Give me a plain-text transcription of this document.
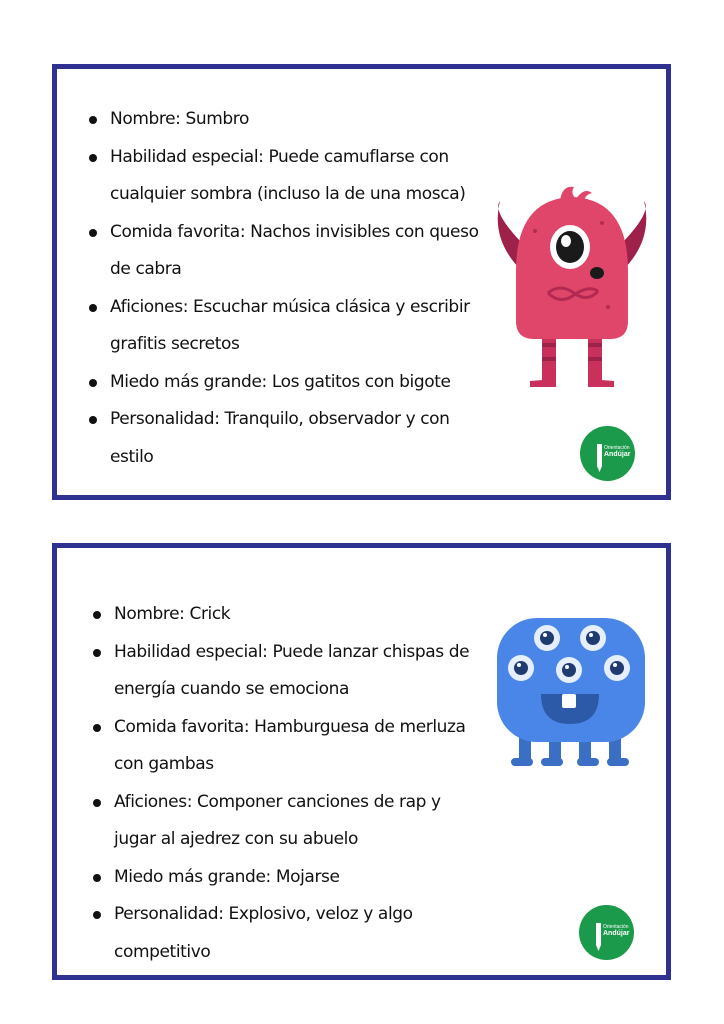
Nombre: Sumbro
Habilidad especial: Puede camuflarse con cualquier sombra (incluso la de una mosca)
Comida favorita: Nachos invisibles con queso de cabra
Aficiones: Escuchar música clásica y escribir grafitis secretos
Miedo más grande: Los gatitos con bigote
Personalidad: Tranquilo, observador y con estilo	Orientación
Andújar
Nombre: Crick
Habilidad especial: Puede lanzar chispas de energía cuando se emociona
Comida favorita: Hamburguesa de merluza con gambas
Aficiones: Componer canciones de rap y jugar al ajedrez con su abuelo
Miedo más grande: Mojarse
Personalidad: Explosivo, veloz y algo competitivo
Orientación
Andújar
